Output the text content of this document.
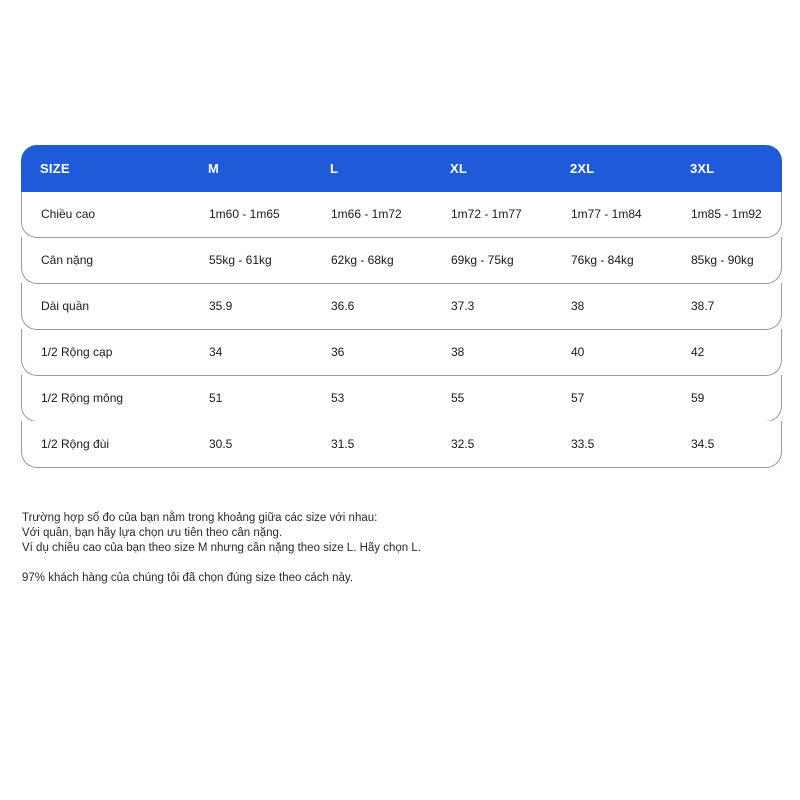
SIZE	M	L	XL	2XL	3XL
Chiều cao	1m60 - 1m65	1m66 - 1m72	1m72 - 1m77	1m77 - 1m84	1m85 - 1m92
Cân nặng	55kg - 61kg	62kg - 68kg	69kg - 75kg	76kg - 84kg	85kg - 90kg
Dài quần	35.9	36.6	37.3	38	38.7
1/2 Rộng cạp	34	36	38	40	42
1/2 Rộng mông	51	53	55	57	59
1/2 Rộng đùi	30.5	31.5	32.5	33.5	34.5

Trường hợp số đo của bạn nằm trong khoảng giữa các size với nhau:

Với quần, bạn hãy lựa chọn ưu tiên theo cân nặng.

Ví dụ chiều cao của bạn theo size M nhưng cân nặng theo size L. Hãy chọn L.

97% khách hàng của chúng tôi đã chọn đúng size theo cách này.
